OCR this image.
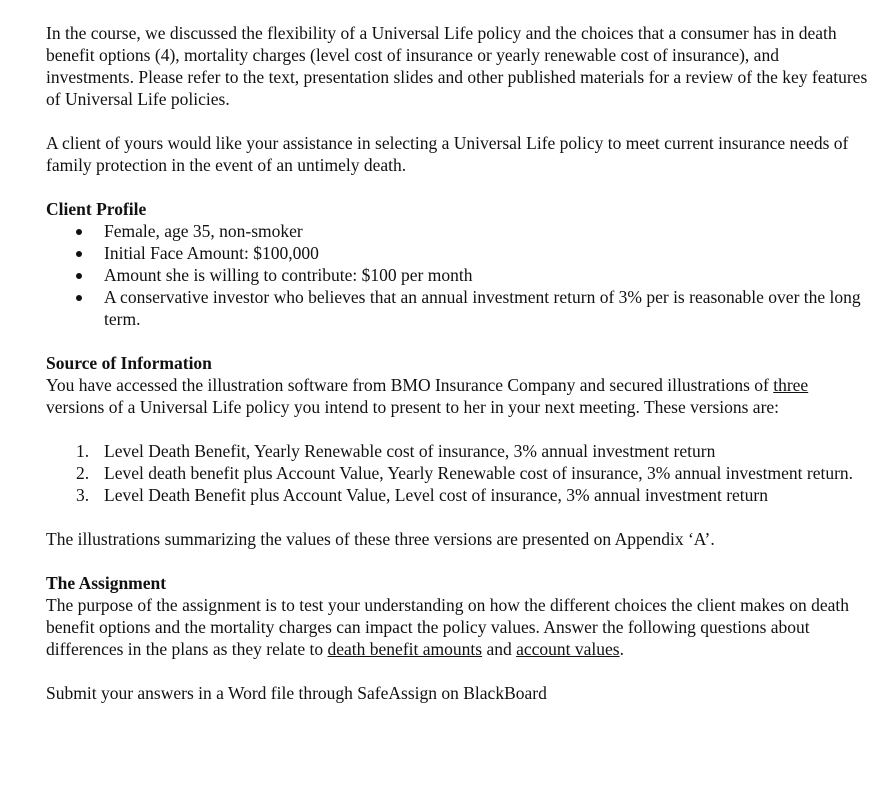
In the course, we discussed the flexibility of a Universal Life policy and the choices that a consumer has in death benefit options (4), mortality charges (level cost of insurance or yearly renewable cost of insurance), and investments. Please refer to the text, presentation slides and other published materials for a review of the key features of Universal Life policies.

A client of yours would like your assistance in selecting a Universal Life policy to meet current insurance needs of family protection in the event of an untimely death.

Client Profile

Female, age 35, non-smoker
Initial Face Amount: $100,000
Amount she is willing to contribute: $100 per month
A conservative investor who believes that an annual investment return of 3% per is reasonable over the long term.

Source of Information

You have accessed the illustration software from BMO Insurance Company and secured illustrations of three versions of a Universal Life policy you intend to present to her in your next meeting. These versions are:

1. Level Death Benefit, Yearly Renewable cost of insurance, 3% annual investment return
2. Level death benefit plus Account Value, Yearly Renewable cost of insurance, 3% annual investment return.
3. Level Death Benefit plus Account Value, Level cost of insurance, 3% annual investment return

The illustrations summarizing the values of these three versions are presented on Appendix ‘A’.

The Assignment

The purpose of the assignment is to test your understanding on how the different choices the client makes on death benefit options and the mortality charges can impact the policy values. Answer the following questions about differences in the plans as they relate to death benefit amounts and account values.

Submit your answers in a Word file through SafeAssign on BlackBoard
